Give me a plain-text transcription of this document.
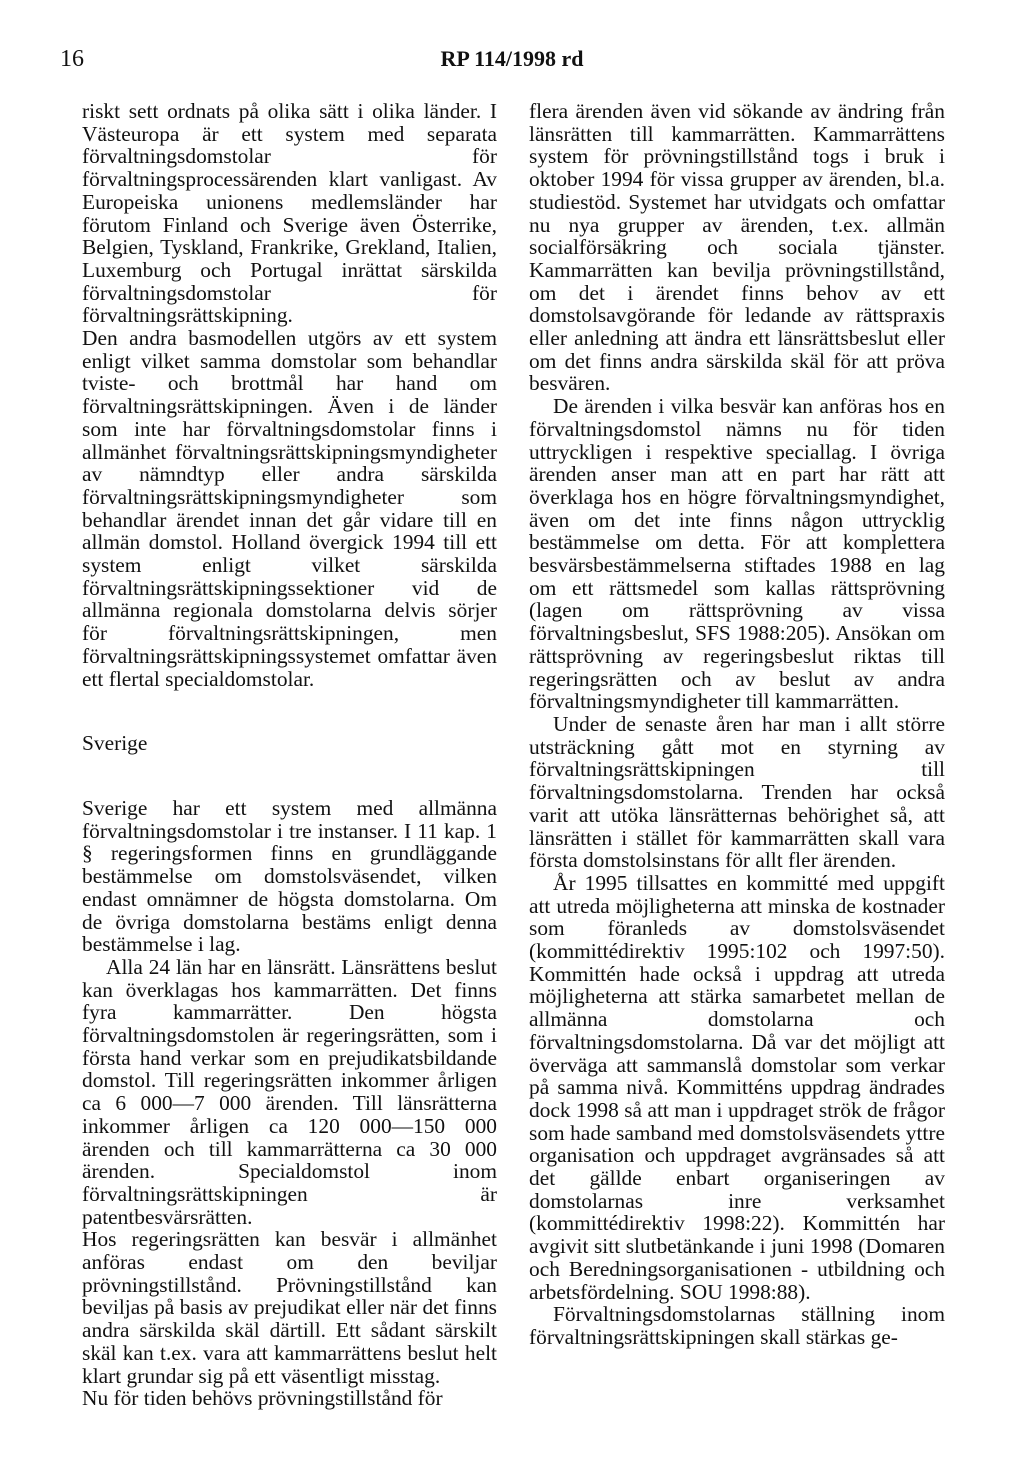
16	RP 114/1998 rd

riskt sett ordnats på olika sätt i olika länder. I Västeuropa är ett system med separata förvaltningsdomstolar för förvaltningsprocessärenden klart vanligast. Av Europeiska unionens medlemsländer har förutom Finland och Sverige även Österrike, Belgien, Tyskland, Frankrike, Grekland, Italien, Luxemburg och Portugal inrättat särskilda förvaltningsdomstolar för förvaltningsrättskipning.

Den andra basmodellen utgörs av ett system enligt vilket samma domstolar som behandlar tviste- och brottmål har hand om förvaltningsrättskipningen. Även i de länder som inte har förvaltningsdomstolar finns i allmänhet förvaltningsrättskipningsmyndigheter av nämndtyp eller andra särskilda förvaltningsrättskipningsmyndigheter som behandlar ärendet innan det går vidare till en allmän domstol. Holland övergick 1994 till ett system enligt vilket särskilda förvaltningsrättskipningssektioner vid de allmänna regionala domstolarna delvis sörjer för förvaltningsrättskipningen, men förvaltningsrättskipningssystemet omfattar även ett flertal specialdomstolar.

Sverige

Sverige har ett system med allmänna förvaltningsdomstolar i tre instanser. I 11 kap. 1 § regeringsformen finns en grundläggande bestämmelse om domstolsväsendet, vilken endast omnämner de högsta domstolarna. Om de övriga domstolarna bestäms enligt denna bestämmelse i lag.

Alla 24 län har en länsrätt. Länsrättens beslut kan överklagas hos kammarrätten. Det finns fyra kammarrätter. Den högsta förvaltningsdomstolen är regeringsrätten, som i första hand verkar som en prejudikatsbildande domstol. Till regeringsrätten inkommer årligen ca 6 000—7 000 ärenden. Till länsrätterna inkommer årligen ca 120 000—150 000 ärenden och till kammarrätterna ca 30 000 ärenden. Specialdomstol inom förvaltningsrättskipningen är patentbesvärsrätten.

Hos regeringsrätten kan besvär i allmänhet anföras endast om den beviljar prövningstillstånd. Prövningstillstånd kan beviljas på basis av prejudikat eller när det finns andra särskilda skäl därtill. Ett sådant särskilt skäl kan t.ex. vara att kammarrättens beslut helt klart grundar sig på ett väsentligt misstag.

Nu för tiden behövs prövningstillstånd för

flera ärenden även vid sökande av ändring från länsrätten till kammarrätten. Kammarrättens system för prövningstillstånd togs i bruk i oktober 1994 för vissa grupper av ärenden, bl.a. studiestöd. Systemet har utvidgats och omfattar nu nya grupper av ärenden, t.ex. allmän socialförsäkring och sociala tjänster. Kammarrätten kan bevilja prövningstillstånd, om det i ärendet finns behov av ett domstolsavgörande för ledande av rättspraxis eller anledning att ändra ett länsrättsbeslut eller om det finns andra särskilda skäl för att pröva besvären.

De ärenden i vilka besvär kan anföras hos en förvaltningsdomstol nämns nu för tiden uttryckligen i respektive speciallag. I övriga ärenden anser man att en part har rätt att överklaga hos en högre förvaltningsmyndighet, även om det inte finns någon uttrycklig bestämmelse om detta. För att komplettera besvärsbestämmelserna stiftades 1988 en lag om ett rättsmedel som kallas rättsprövning (lagen om rättsprövning av vissa förvaltningsbeslut, SFS 1988:205). Ansökan om rättsprövning av regeringsbeslut riktas till regeringsrätten och av beslut av andra förvaltningsmyndigheter till kammarrätten.

Under de senaste åren har man i allt större utsträckning gått mot en styrning av förvaltningsrättskipningen till förvaltningsdomstolarna. Trenden har också varit att utöka länsrätternas behörighet så, att länsrätten i stället för kammarrätten skall vara första domstolsinstans för allt fler ärenden.

År 1995 tillsattes en kommitté med uppgift att utreda möjligheterna att minska de kostnader som föranleds av domstolsväsendet (kommittédirektiv 1995:102 och 1997:50). Kommittén hade också i uppdrag att utreda möjligheterna att stärka samarbetet mellan de allmänna domstolarna och förvaltningsdomstolarna. Då var det möjligt att överväga att sammanslå domstolar som verkar på samma nivå. Kommitténs uppdrag ändrades dock 1998 så att man i uppdraget strök de frågor som hade samband med domstolsväsendets yttre organisation och uppdraget avgränsades så att det gällde enbart organiseringen av domstolarnas inre verksamhet (kommittédirektiv 1998:22). Kommittén har avgivit sitt slutbetänkande i juni 1998 (Domaren och Beredningsorganisationen - utbildning och arbetsfördelning. SOU 1998:88).

Förvaltningsdomstolarnas ställning inom förvaltningsrättskipningen skall stärkas ge-
